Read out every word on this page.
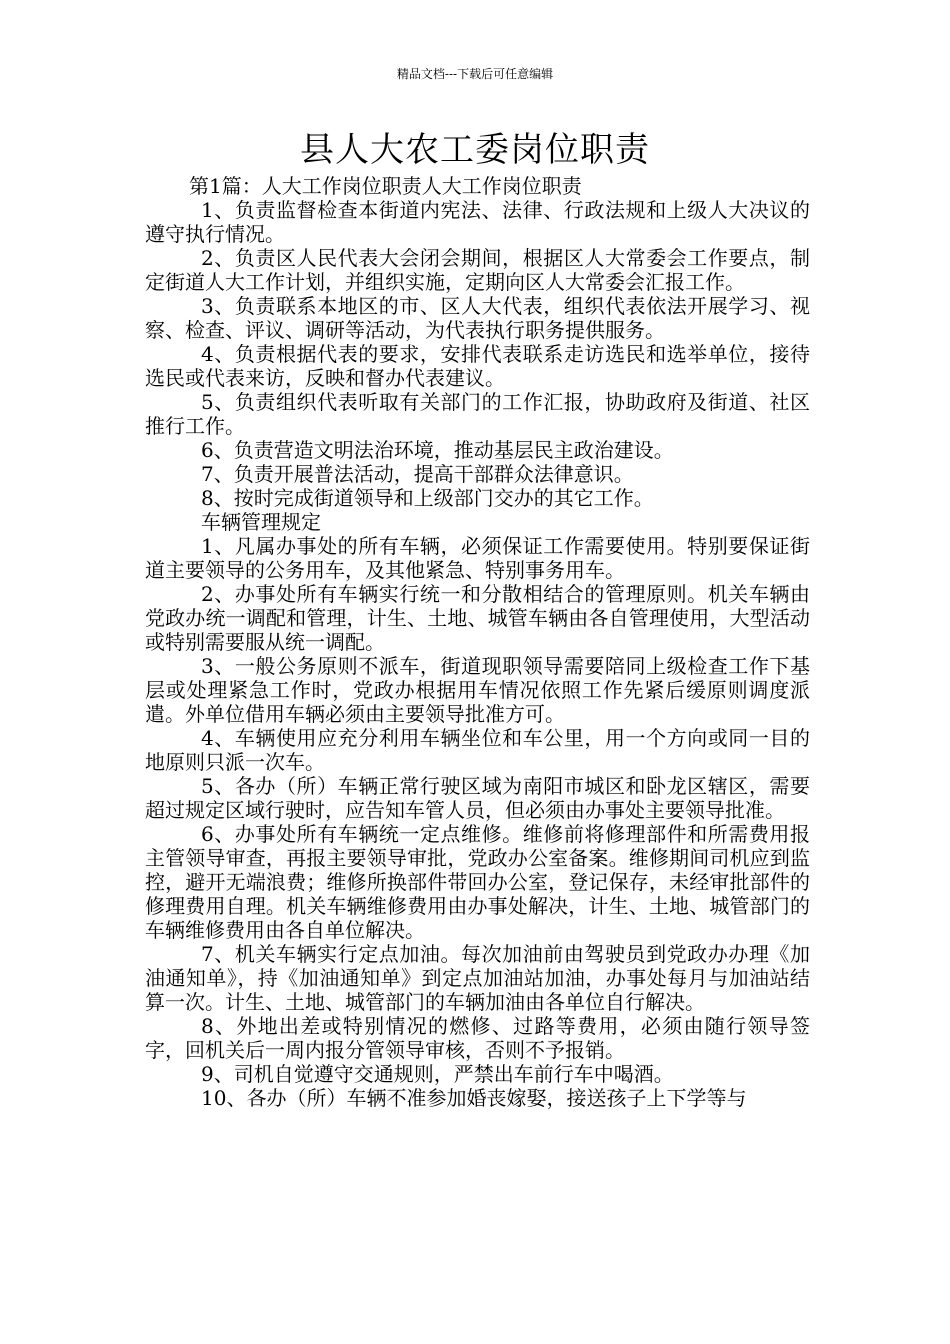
精品文档---下载后可任意编辑
县人大农工委岗位职责

第1篇：人大工作岗位职责人大工作岗位职责

1、负责监督检查本街道内宪法、法律、行政法规和上级人大决议的遵守执行情况。

2、负责区人民代表大会闭会期间，根据区人大常委会工作要点，制定街道人大工作计划，并组织实施，定期向区人大常委会汇报工作。

3、负责联系本地区的市、区人大代表，组织代表依法开展学习、视察、检查、评议、调研等活动，为代表执行职务提供服务。

4、负责根据代表的要求，安排代表联系走访选民和选举单位，接待选民或代表来访，反映和督办代表建议。

5、负责组织代表听取有关部门的工作汇报，协助政府及街道、社区推行工作。

6、负责营造文明法治环境，推动基层民主政治建设。

7、负责开展普法活动，提高干部群众法律意识。

8、按时完成街道领导和上级部门交办的其它工作。

车辆管理规定

1、凡属办事处的所有车辆，必须保证工作需要使用。特别要保证街道主要领导的公务用车，及其他紧急、特别事务用车。

2、办事处所有车辆实行统一和分散相结合的管理原则。机关车辆由党政办统一调配和管理，计生、土地、城管车辆由各自管理使用，大型活动或特别需要服从统一调配。

3、一般公务原则不派车，街道现职领导需要陪同上级检查工作下基层或处理紧急工作时，党政办根据用车情况依照工作先紧后缓原则调度派遣。外单位借用车辆必须由主要领导批准方可。

4、车辆使用应充分利用车辆坐位和车公里，用一个方向或同一目的地原则只派一次车。

5、各办（所）车辆正常行驶区域为南阳市城区和卧龙区辖区，需要超过规定区域行驶时，应告知车管人员，但必须由办事处主要领导批准。

6、办事处所有车辆统一定点维修。维修前将修理部件和所需费用报主管领导审查，再报主要领导审批，党政办公室备案。维修期间司机应到监控，避开无端浪费；维修所换部件带回办公室，登记保存，未经审批部件的修理费用自理。机关车辆维修费用由办事处解决，计生、土地、城管部门的车辆维修费用由各自单位解决。

7、机关车辆实行定点加油。每次加油前由驾驶员到党政办办理《加油通知单》，持《加油通知单》到定点加油站加油，办事处每月与加油站结算一次。计生、土地、城管部门的车辆加油由各单位自行解决。

8、外地出差或特别情况的燃修、过路等费用，必须由随行领导签字，回机关后一周内报分管领导审核，否则不予报销。

9、司机自觉遵守交通规则，严禁出车前行车中喝酒。

10、各办（所）车辆不准参加婚丧嫁娶，接送孩子上下学等与
